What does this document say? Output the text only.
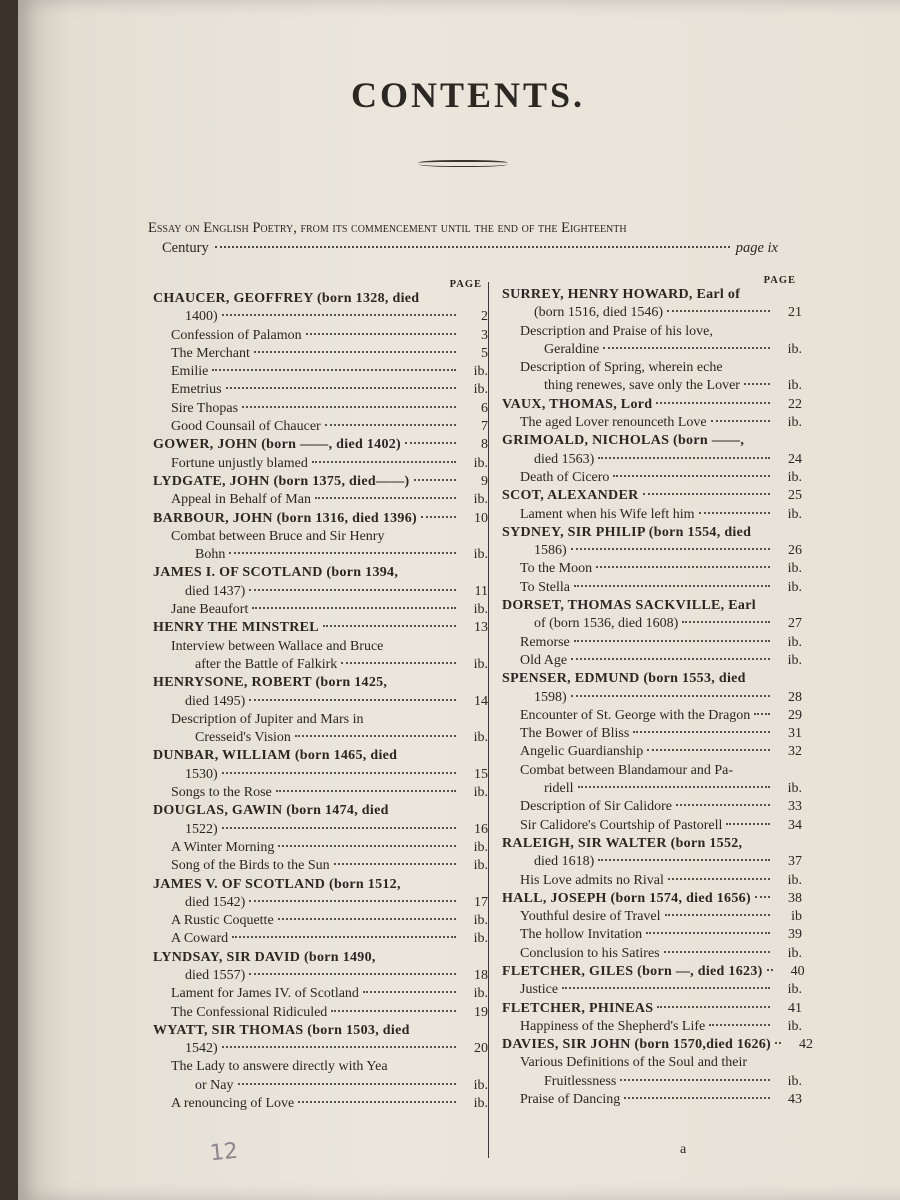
CONTENTS.
Essay on English Poetry, from its commencement until the end of the Eighteenth
Century	page ix
PAGE
CHAUCER, GEOFFREY (born 1328, died
1400)	2
Confession of Palamon	3
The Merchant	5
Emilie	ib.
Emetrius	ib.
Sire Thopas	6
Good Counsail of Chaucer	7
GOWER, JOHN (born ——, died 1402)	8
Fortune unjustly blamed	ib.
LYDGATE, JOHN (born 1375, died——)	9
Appeal in Behalf of Man	ib.
BARBOUR, JOHN (born 1316, died 1396)	10
Combat between Bruce and Sir Henry
Bohn	ib.
JAMES I. OF SCOTLAND (born 1394,
died 1437)	11
Jane Beaufort	ib.
HENRY THE MINSTREL	13
Interview between Wallace and Bruce
after the Battle of Falkirk	ib.
HENRYSONE, ROBERT (born 1425,
died 1495)	14
Description of Jupiter and Mars in
Cresseid's Vision	ib.
DUNBAR, WILLIAM (born 1465, died
1530)	15
Songs to the Rose	ib.
DOUGLAS, GAWIN (born 1474, died
1522)	16
A Winter Morning	ib.
Song of the Birds to the Sun	ib.
JAMES V. OF SCOTLAND (born 1512,
died 1542)	17
A Rustic Coquette	ib.
A Coward	ib.
LYNDSAY, SIR DAVID (born 1490,
died 1557)	18
Lament for James IV. of Scotland	ib.
The Confessional Ridiculed	19
WYATT, SIR THOMAS (born 1503, died
1542)	20
The Lady to answere directly with Yea
or Nay	ib.
A renouncing of Love	ib.
PAGE
SURREY, HENRY HOWARD, Earl of
(born 1516, died 1546)	21
Description and Praise of his love,
Geraldine	ib.
Description of Spring, wherein eche
thing renewes, save only the Lover	ib.
VAUX, THOMAS, Lord	22
The aged Lover renounceth Love	ib.
GRIMOALD, NICHOLAS (born ——,
died 1563)	24
Death of Cicero	ib.
SCOT, ALEXANDER	25
Lament when his Wife left him	ib.
SYDNEY, SIR PHILIP (born 1554, died
1586)	26
To the Moon	ib.
To Stella	ib.
DORSET, THOMAS SACKVILLE, Earl
of (born 1536, died 1608)	27
Remorse	ib.
Old Age	ib.
SPENSER, EDMUND (born 1553, died
1598)	28
Encounter of St. George with the Dragon	29
The Bower of Bliss	31
Angelic Guardianship	32
Combat between Blandamour and Pa-
ridell	ib.
Description of Sir Calidore	33
Sir Calidore's Courtship of Pastorell	34
RALEIGH, SIR WALTER (born 1552,
died 1618)	37
His Love admits no Rival	ib.
HALL, JOSEPH (born 1574, died 1656)	38
Youthful desire of Travel	ib
The hollow Invitation	39
Conclusion to his Satires	ib.
FLETCHER, GILES (born —, died 1623)	40
Justice	ib.
FLETCHER, PHINEAS	41
Happiness of the Shepherd's Life	ib.
DAVIES, SIR JOHN (born 1570,died 1626)	42
Various Definitions of the Soul and their
Fruitlessness	ib.
Praise of Dancing	43
a
12
